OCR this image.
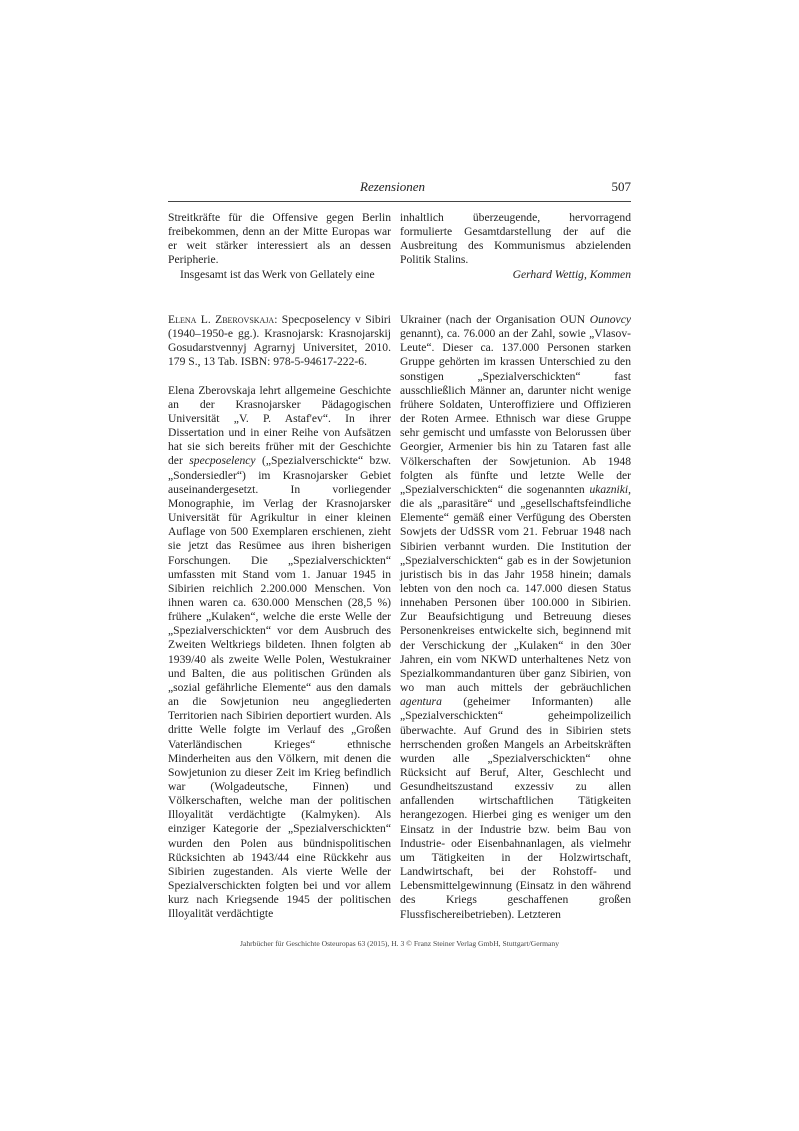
Rezensionen	507

Streitkräfte für die Offensive gegen Berlin freibekommen, denn an der Mitte Europas war er weit stärker interessiert als an dessen Peripherie.

Insgesamt ist das Werk von Gellately eine

inhaltlich überzeugende, hervorragend formulierte Gesamtdarstellung der auf die Ausbreitung des Kommunismus abzielenden Politik Stalins.

Gerhard Wettig, Kommen

Elena L. Zberovskaja: Specposelency v Sibiri (1940–1950-e gg.). Krasnojarsk: Krasnojarskij Gosudarstvennyj Agrarnyj Universitet, 2010. 179 S., 13 Tab. ISBN: 978-5-94617-222-6.

Elena Zberovskaja lehrt allgemeine Geschichte an der Krasnojarsker Pädagogischen Universität „V. P. Astaf'ev“. In ihrer Dissertation und in einer Reihe von Aufsätzen hat sie sich bereits früher mit der Geschichte der specposelency („Spezialverschickte“ bzw. „Sondersiedler“) im Krasnojarsker Gebiet auseinandergesetzt. In vorliegender Monographie, im Verlag der Krasnojarsker Universität für Agrikultur in einer kleinen Auflage von 500 Exemplaren erschienen, zieht sie jetzt das Resümee aus ihren bisherigen Forschungen. Die „Spezialverschickten“ umfassten mit Stand vom 1. Januar 1945 in Sibirien reichlich 2.200.000 Menschen. Von ihnen waren ca. 630.000 Menschen (28,5 %) frühere „Kulaken“, welche die erste Welle der „Spezialverschickten“ vor dem Ausbruch des Zweiten Weltkriegs bildeten. Ihnen folgten ab 1939/40 als zweite Welle Polen, Westukrainer und Balten, die aus politischen Gründen als „sozial gefährliche Elemente“ aus den damals an die Sowjetunion neu angegliederten Territorien nach Sibirien deportiert wurden. Als dritte Welle folgte im Verlauf des „Großen Vaterländischen Krieges“ ethnische Minderheiten aus den Völkern, mit denen die Sowjetunion zu dieser Zeit im Krieg befindlich war (Wolgadeutsche, Finnen) und Völkerschaften, welche man der politischen Illoyalität verdächtigte (Kalmyken). Als einziger Kategorie der „Spezialverschickten“ wurden den Polen aus bündnispolitischen Rücksichten ab 1943/44 eine Rückkehr aus Sibirien zugestanden. Als vierte Welle der Spezialverschickten folgten bei und vor allem kurz nach Kriegsende 1945 der politischen Illoyalität verdächtigte

Ukrainer (nach der Organisation OUN Ounovcy genannt), ca. 76.000 an der Zahl, sowie „Vlasov-Leute“. Dieser ca. 137.000 Personen starken Gruppe gehörten im krassen Unterschied zu den sonstigen „Spezialverschickten“ fast ausschließlich Männer an, darunter nicht wenige frühere Soldaten, Unteroffiziere und Offizieren der Roten Armee. Ethnisch war diese Gruppe sehr gemischt und umfasste von Belorussen über Georgier, Armenier bis hin zu Tataren fast alle Völkerschaften der Sowjetunion. Ab 1948 folgten als fünfte und letzte Welle der „Spezialverschickten“ die sogenannten ukazniki, die als „parasitäre“ und „gesellschaftsfeindliche Elemente“ gemäß einer Verfügung des Obersten Sowjets der UdSSR vom 21. Februar 1948 nach Sibirien verbannt wurden. Die Institution der „Spezialverschickten“ gab es in der Sowjetunion juristisch bis in das Jahr 1958 hinein; damals lebten von den noch ca. 147.000 diesen Status innehaben Personen über 100.000 in Sibirien. Zur Beaufsichtigung und Betreuung dieses Personenkreises entwickelte sich, beginnend mit der Verschickung der „Kulaken“ in den 30er Jahren, ein vom NKWD unterhaltenes Netz von Spezialkommandanturen über ganz Sibirien, von wo man auch mittels der gebräuchlichen agentura (geheimer Informanten) alle „Spezialverschickten“ geheimpolizeilich überwachte. Auf Grund des in Sibirien stets herrschenden großen Mangels an Arbeitskräften wurden alle „Spezialverschickten“ ohne Rücksicht auf Beruf, Alter, Geschlecht und Gesundheitszustand exzessiv zu allen anfallenden wirtschaftlichen Tätigkeiten herangezogen. Hierbei ging es weniger um den Einsatz in der Industrie bzw. beim Bau von Industrie- oder Eisenbahnanlagen, als vielmehr um Tätigkeiten in der Holzwirtschaft, Landwirtschaft, bei der Rohstoff- und Lebensmittelgewinnung (Einsatz in den während des Kriegs geschaffenen großen Flussfischereibetrieben). Letzteren

Jahrbücher für Geschichte Osteuropas 63 (2015), H. 3 © Franz Steiner Verlag GmbH, Stuttgart/Germany
